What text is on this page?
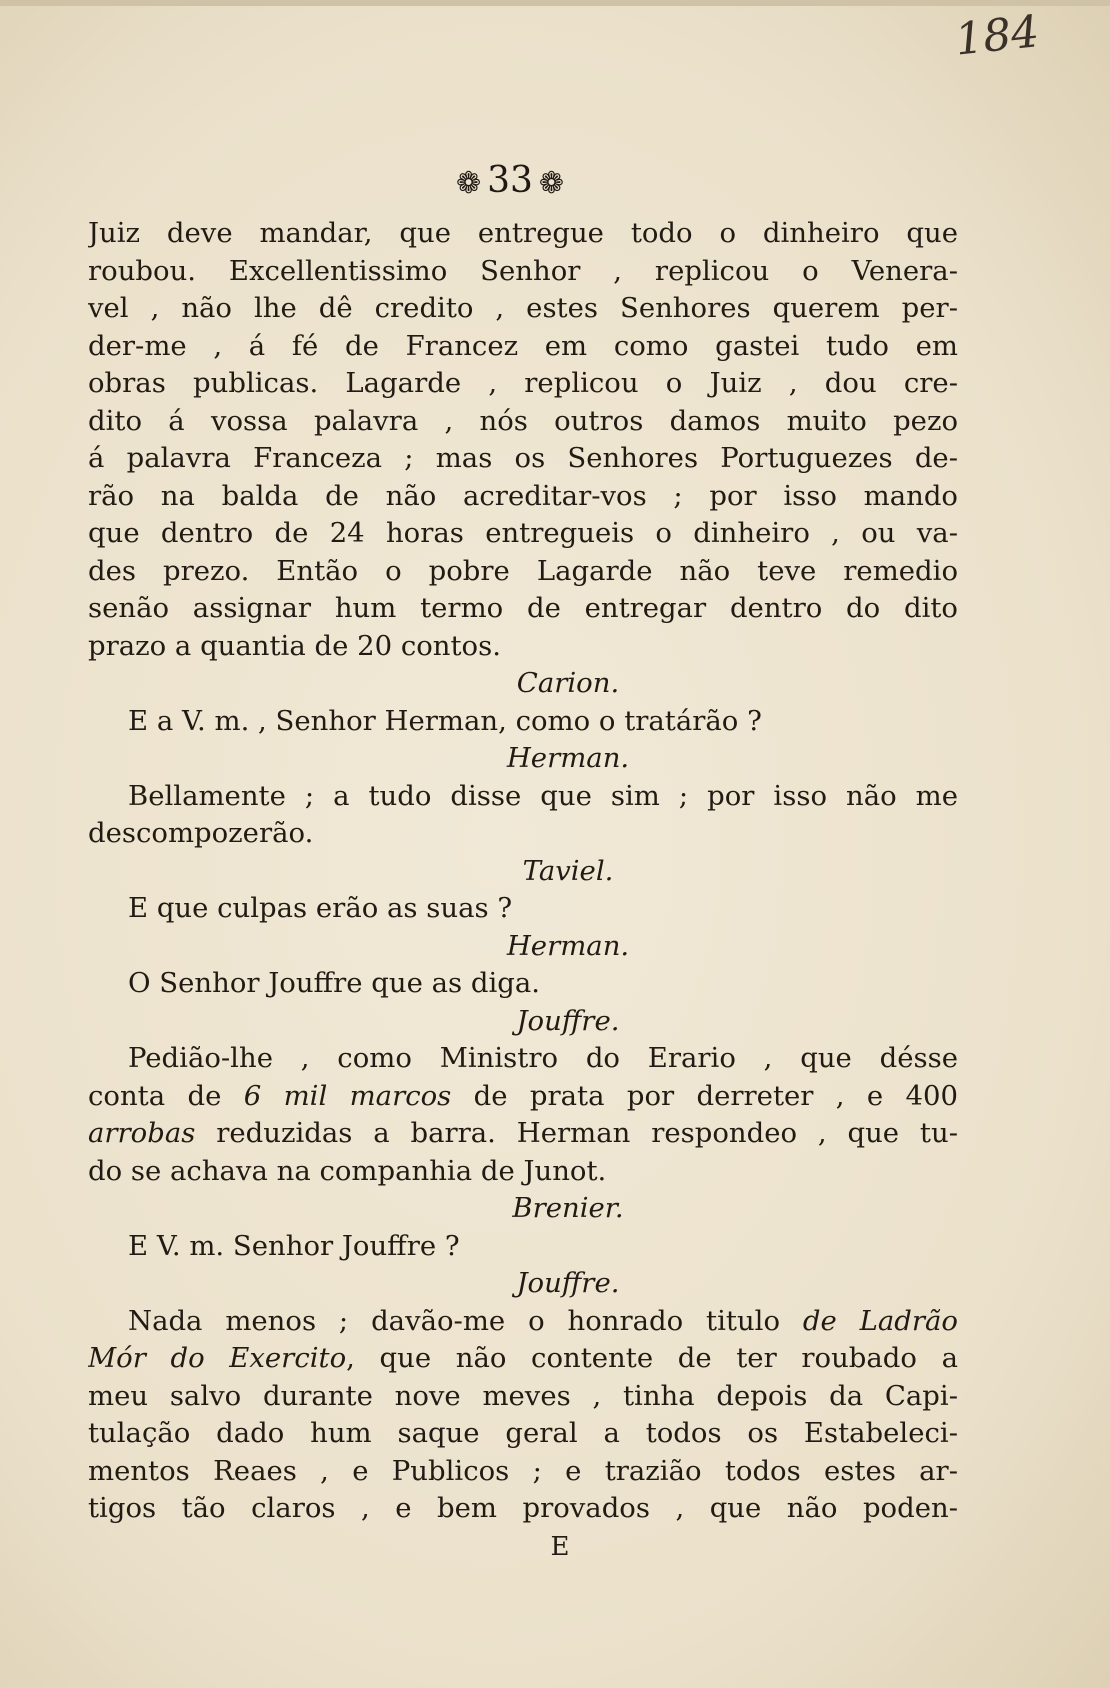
184
❁ 33 ❁
Juiz deve mandar, que entregue todo o dinheiro que
roubou. Excellentissimo Senhor , replicou o Venera-
vel , não lhe dê credito , estes Senhores querem per-
der-me , á fé de Francez em como gastei tudo em
obras publicas. Lagarde , replicou o Juiz , dou cre-
dito á vossa palavra , nós outros damos muito pezo
á palavra Franceza ; mas os Senhores Portuguezes de-
rão na balda de não acreditar-vos ; por isso mando
que dentro de 24 horas entregueis o dinheiro , ou va-
des prezo. Então o pobre Lagarde não teve remedio
senão assignar hum termo de entregar dentro do dito
prazo a quantia de 20 contos.
Carion.
E a V. m. , Senhor Herman, como o tratárão ?
Herman.
Bellamente ; a tudo disse que sim ; por isso não me
descompozerão.
Taviel.
E que culpas erão as suas ?
Herman.
O Senhor Jouffre que as diga.
Jouffre.
Pedião-lhe , como Ministro do Erario , que désse
conta de 6 mil marcos de prata por derreter , e 400
arrobas reduzidas a barra. Herman respondeo , que tu-
do se achava na companhia de Junot.
Brenier.
E V. m. Senhor Jouffre ?
Jouffre.
Nada menos ; davão-me o honrado titulo de Ladrão
Mór do Exercito, que não contente de ter roubado a
meu salvo durante nove meves , tinha depois da Capi-
tulação dado hum saque geral a todos os Estabeleci-
mentos Reaes , e Publicos ; e trazião todos estes ar-
tigos tão claros , e bem provados , que não poden-
E
